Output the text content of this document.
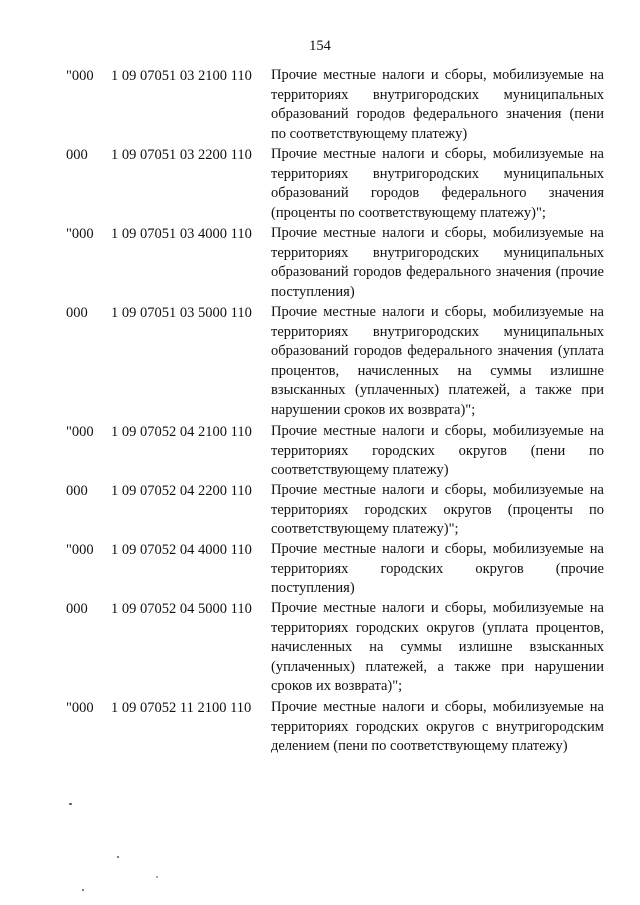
154
"000 1 09 07051 03 2100 110 Прочие местные налоги и сборы, мобилизуемые на территориях внутригородских муниципальных образований городов федерального значения (пени по соответствующему платежу)
000 1 09 07051 03 2200 110 Прочие местные налоги и сборы, мобилизуемые на территориях внутригородских муниципальных образований городов федерального значения (проценты по соответствующему платежу)";
"000 1 09 07051 03 4000 110 Прочие местные налоги и сборы, мобилизуемые на территориях внутригородских муниципальных образований городов федерального значения (прочие поступления)
000 1 09 07051 03 5000 110 Прочие местные налоги и сборы, мобилизуемые на территориях внутригородских муниципальных образований городов федерального значения (уплата процентов, начисленных на суммы излишне взысканных (уплаченных) платежей, а также при нарушении сроков их возврата)";
"000 1 09 07052 04 2100 110 Прочие местные налоги и сборы, мобилизуемые на территориях городских округов (пени по соответствующему платежу)
000 1 09 07052 04 2200 110 Прочие местные налоги и сборы, мобилизуемые на территориях городских округов (проценты по соответствующему платежу)";
"000 1 09 07052 04 4000 110 Прочие местные налоги и сборы, мобилизуемые на территориях городских округов (прочие поступления)
000 1 09 07052 04 5000 110 Прочие местные налоги и сборы, мобилизуемые на территориях городских округов (уплата процентов, начисленных на суммы излишне взысканных (уплаченных) платежей, а также при нарушении сроков их возврата)";
"000 1 09 07052 11 2100 110 Прочие местные налоги и сборы, мобилизуемые на территориях городских округов с внутригородским делением (пени по соответствующему платежу)
